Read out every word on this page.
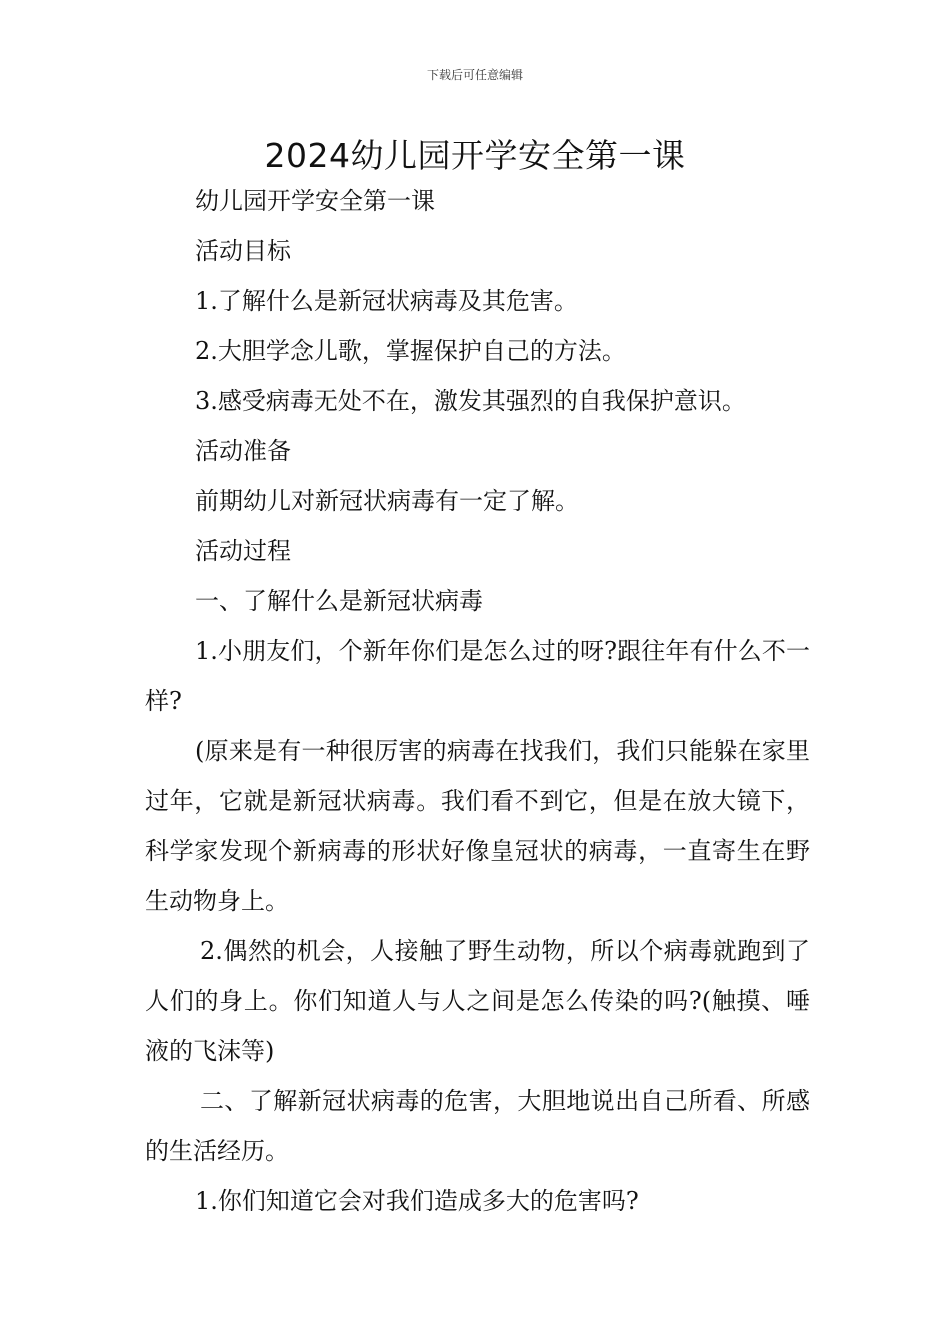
下载后可任意编辑
2024幼儿园开学安全第一课

幼儿园开学安全第一课

活动目标

1.了解什么是新冠状病毒及其危害。

2.大胆学念儿歌，掌握保护自己的方法。

3.感受病毒无处不在，激发其强烈的自我保护意识。

活动准备

前期幼儿对新冠状病毒有一定了解。

活动过程

一、了解什么是新冠状病毒

1.小朋友们，个新年你们是怎么过的呀?跟往年有什么不一样?

(原来是有一种很厉害的病毒在找我们，我们只能躲在家里过年，它就是新冠状病毒。我们看不到它，但是在放大镜下，科学家发现个新病毒的形状好像皇冠状的病毒，一直寄生在野生动物身上。

2.偶然的机会，人接触了野生动物，所以个病毒就跑到了人们的身上。你们知道人与人之间是怎么传染的吗?(触摸、唾液的飞沫等)

二、了解新冠状病毒的危害，大胆地说出自己所看、所感的生活经历。

1.你们知道它会对我们造成多大的危害吗?
